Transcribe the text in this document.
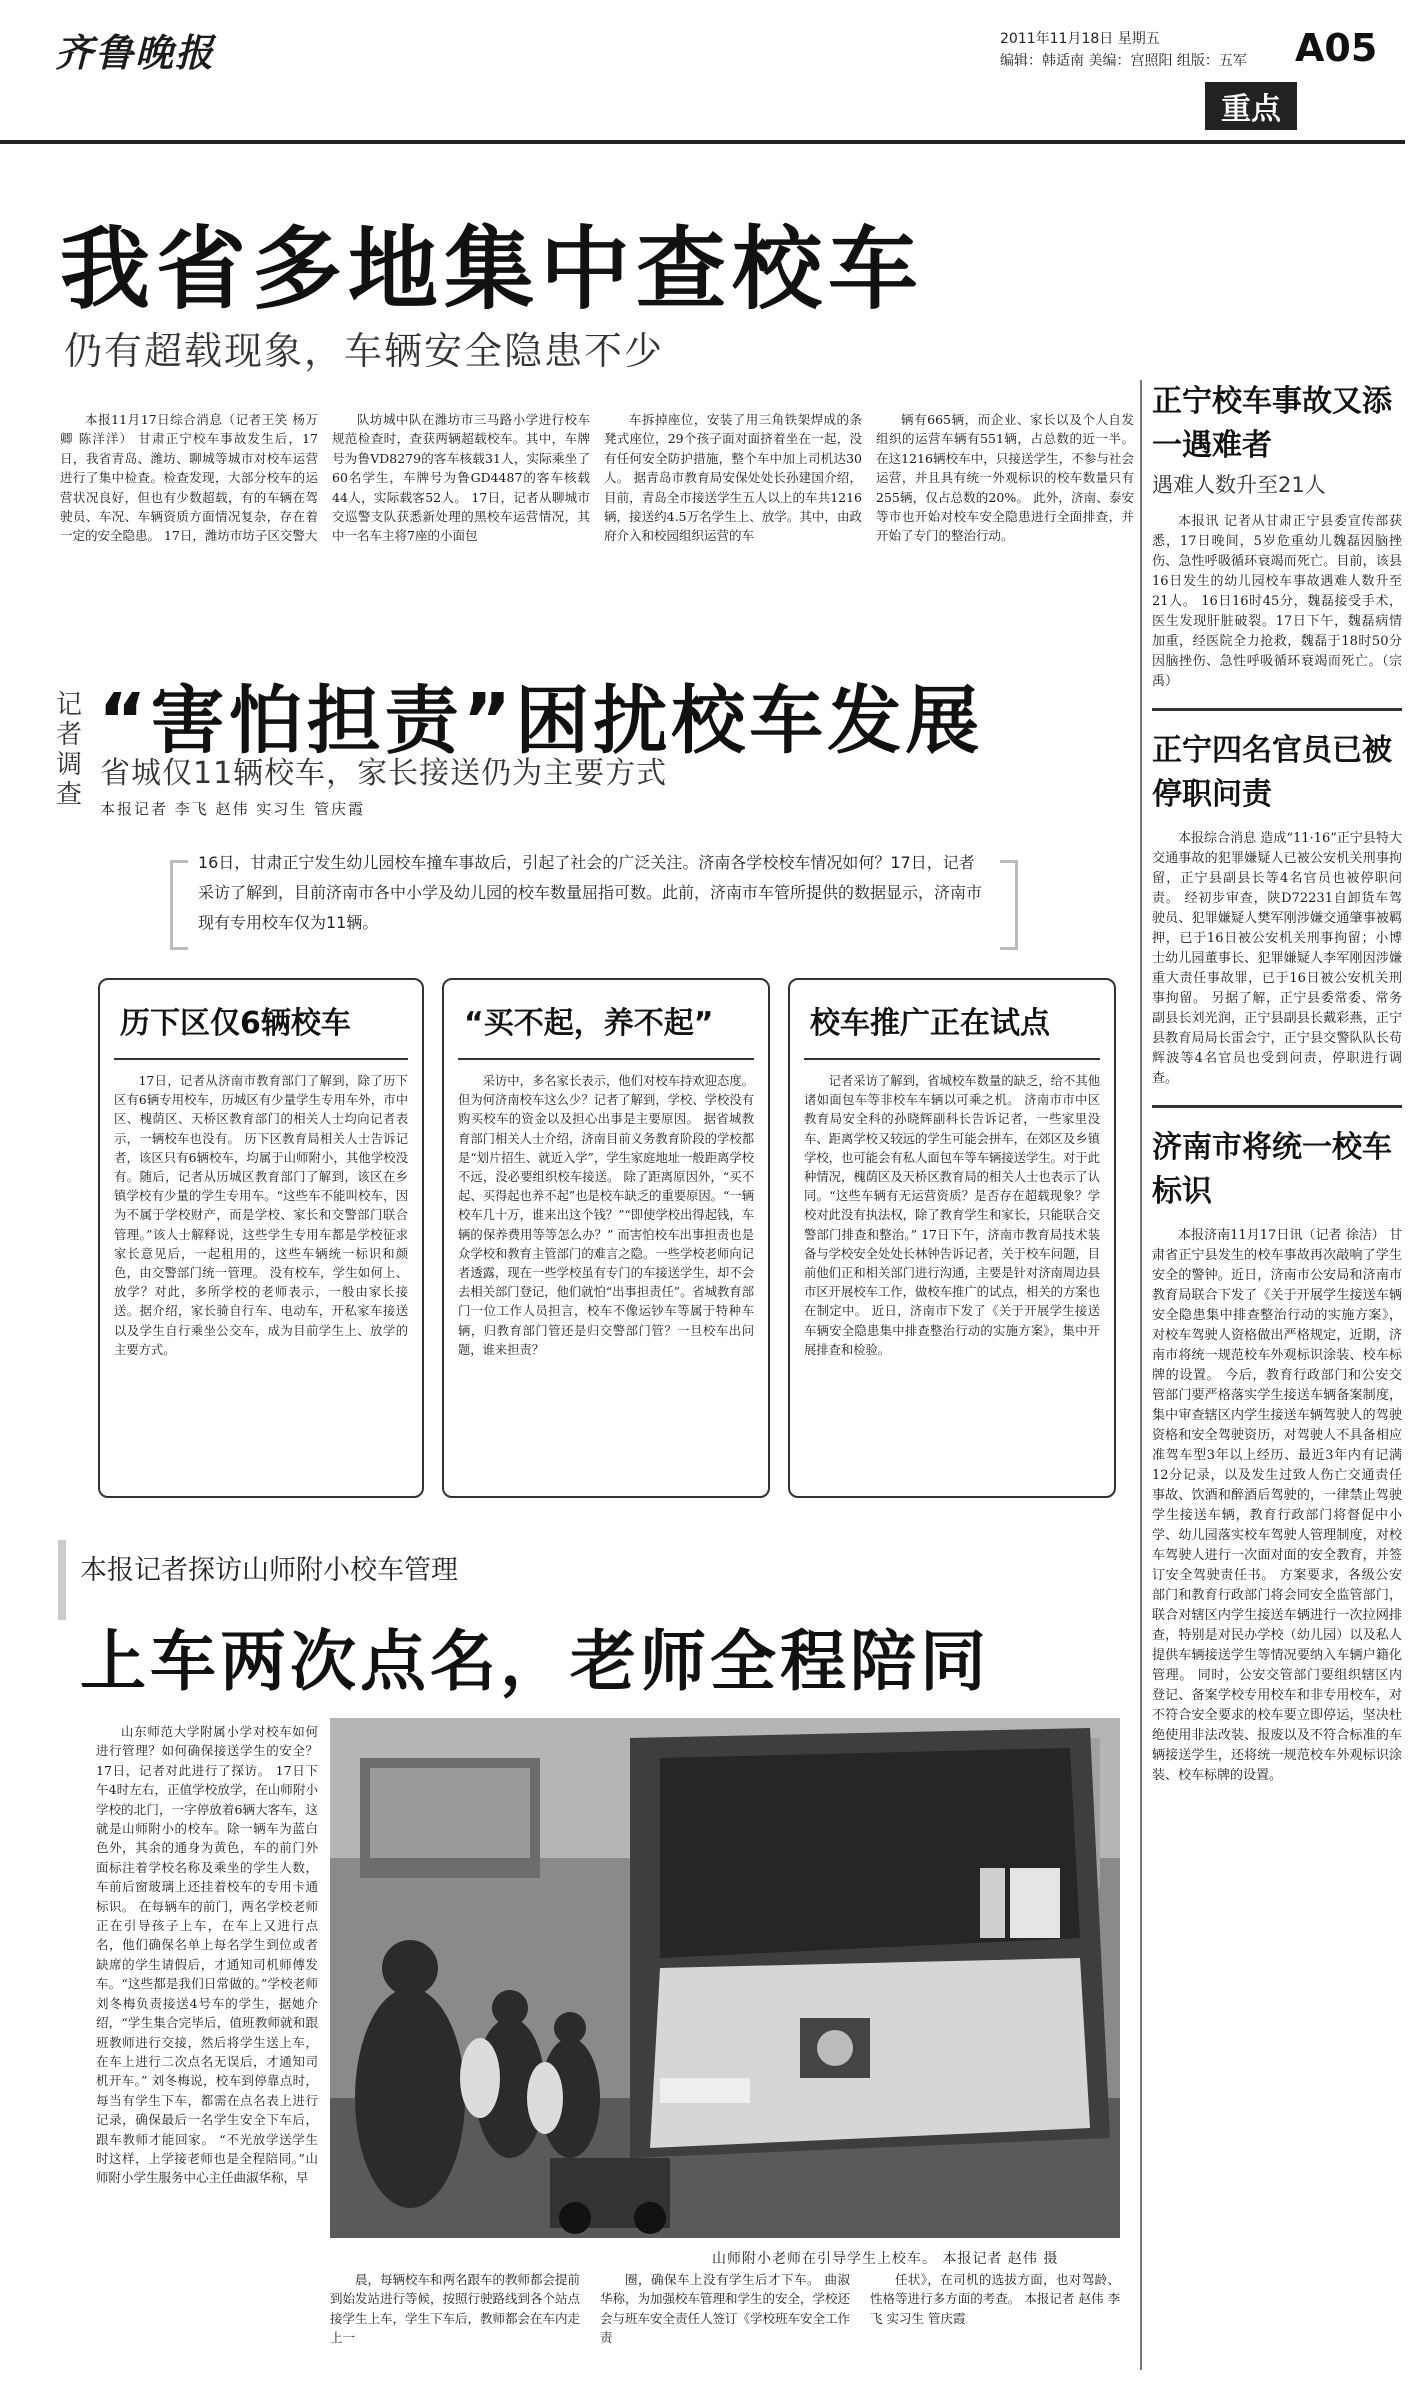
齐鲁晚报	2011年11月18日 星期五
编辑：韩适南 美编：宫照阳 组版：五军 A05
重点
我省多地集中查校车
仍有超载现象，车辆安全隐患不少
本报11月17日综合消息（记者王笑 杨万卿 陈洋洋） 甘肃正宁校车事故发生后，17日，我省青岛、潍坊、聊城等城市对校车运营进行了集中检查。检查发现，大部分校车的运营状况良好，但也有少数超载，有的车辆在驾驶员、车况、车辆资质方面情况复杂，存在着一定的安全隐患。 17日，潍坊市坊子区交警大
队坊城中队在潍坊市三马路小学进行校车规范检查时，查获两辆超载校车。其中，车牌号为鲁VD8279的客车核载31人，实际乘坐了60名学生，车牌号为鲁GD4487的客车核载44人，实际载客52人。 17日，记者从聊城市交巡警支队获悉新处理的黑校车运营情况，其中一名车主将7座的小面包
车拆掉座位，安装了用三角铁架焊成的条凳式座位，29个孩子面对面挤着坐在一起，没有任何安全防护措施，整个车中加上司机达30人。 据青岛市教育局安保处处长孙建国介绍，目前，青岛全市接送学生五人以上的车共1216辆，接送约4.5万名学生上、放学。其中，由政府介入和校园组织运营的车
辆有665辆，而企业、家长以及个人自发组织的运营车辆有551辆，占总数的近一半。在这1216辆校车中，只接送学生，不参与社会运营，并且具有统一外观标识的校车数量只有255辆，仅占总数的20%。 此外，济南、泰安等市也开始对校车安全隐患进行全面排查，并开始了专门的整治行动。
记者调查
“害怕担责”困扰校车发展
省城仅11辆校车，家长接送仍为主要方式
本报记者 李飞 赵伟 实习生 管庆霞
16日，甘肃正宁发生幼儿园校车撞车事故后，引起了社会的广泛关注。济南各学校校车情况如何？17日，记者采访了解到，目前济南市各中小学及幼儿园的校车数量屈指可数。此前，济南市车管所提供的数据显示，济南市现有专用校车仅为11辆。
历下区仅6辆校车
17日，记者从济南市教育部门了解到，除了历下区有6辆专用校车，历城区有少量学生专用车外，市中区、槐荫区、天桥区教育部门的相关人士均向记者表示，一辆校车也没有。 历下区教育局相关人士告诉记者，该区只有6辆校车，均属于山师附小，其他学校没有。随后，记者从历城区教育部门了解到，该区在乡镇学校有少量的学生专用车。“这些车不能叫校车，因为不属于学校财产，而是学校、家长和交警部门联合管理。”该人士解释说，这些学生专用车都是学校征求家长意见后，一起租用的，这些车辆统一标识和颜色，由交警部门统一管理。 没有校车，学生如何上、放学？对此，多所学校的老师表示，一般由家长接送。据介绍，家长骑自行车、电动车，开私家车接送以及学生自行乘坐公交车，成为目前学生上、放学的主要方式。
“买不起，养不起”
采访中，多名家长表示，他们对校车持欢迎态度。但为何济南校车这么少？记者了解到，学校、学校没有购买校车的资金以及担心出事是主要原因。 据省城教育部门相关人士介绍，济南目前义务教育阶段的学校都是“划片招生、就近入学”，学生家庭地址一般距离学校不远，没必要组织校车接送。 除了距离原因外，“买不起、买得起也养不起”也是校车缺乏的重要原因。“一辆校车几十万，谁来出这个钱？”“即使学校出得起钱，车辆的保养费用等等怎么办？” 而害怕校车出事担责也是众学校和教育主管部门的难言之隐。一些学校老师向记者透露，现在一些学校虽有专门的车接送学生，却不会去相关部门登记，他们就怕“出事担责任”。省城教育部门一位工作人员担言，校车不像运钞车等属于特种车辆，归教育部门管还是归交警部门管？一旦校车出问题，谁来担责？
校车推广正在试点
记者采访了解到，省城校车数量的缺乏，给不其他诸如面包车等非校车车辆以可乘之机。 济南市市中区教育局安全科的孙晓辉副科长告诉记者，一些家里没车、距离学校又较远的学生可能会拼车，在郊区及乡镇学校，也可能会有私人面包车等车辆接送学生。对于此种情况，槐荫区及天桥区教育局的相关人士也表示了认同。“这些车辆有无运营资质？是否存在超载现象？学校对此没有执法权，除了教育学生和家长，只能联合交警部门排查和整治。” 17日下午，济南市教育局技术装备与学校安全处处长林钟告诉记者，关于校车问题，目前他们正和相关部门进行沟通，主要是针对济南周边县市区开展校车工作，做校车推广的试点，相关的方案也在制定中。 近日，济南市下发了《关于开展学生接送车辆安全隐患集中排查整治行动的实施方案》，集中开展排查和检验。
本报记者探访山师附小校车管理
上车两次点名，老师全程陪同
山东师范大学附属小学对校车如何进行管理？如何确保接送学生的安全？17日，记者对此进行了探访。 17日下午4时左右，正值学校放学，在山师附小学校的北门，一字停放着6辆大客车，这就是山师附小的校车。除一辆车为蓝白色外，其余的通身为黄色，车的前门外面标注着学校名称及乘坐的学生人数，车前后窗玻璃上还挂着校车的专用卡通标识。 在每辆车的前门，两名学校老师正在引导孩子上车，在车上又进行点名，他们确保名单上每名学生到位或者缺席的学生请假后，才通知司机师傅发车。“这些都是我们日常做的。”学校老师刘冬梅负责接送4号车的学生，据她介绍，“学生集合完毕后，值班教师就和跟班教师进行交接，然后将学生送上车，在车上进行二次点名无误后，才通知司机开车。” 刘冬梅说，校车到停靠点时，每当有学生下车，都需在点名表上进行记录，确保最后一名学生安全下车后，跟车教师才能回家。 “不光放学送学生时这样，上学接老师也是全程陪同。”山师附小学生服务中心主任曲淑华称，早
山师附小老师在引导学生上校车。 本报记者 赵伟 摄
晨，每辆校车和两名跟车的教师都会提前到始发站进行等候，按照行驶路线到各个站点接学生上车，学生下车后，教师都会在车内走上一
圈，确保车上没有学生后才下车。 曲淑华称，为加强校车管理和学生的安全，学校还会与班车安全责任人签订《学校班车安全工作责
任状》，在司机的选拔方面，也对驾龄、性格等进行多方面的考查。 本报记者 赵伟 李飞 实习生 管庆霞
正宁校车事故又添一遇难者
遇难人数升至21人
本报讯 记者从甘肃正宁县委宣传部获悉，17日晚间，5岁危重幼儿魏磊因脑挫伤、急性呼吸循环衰竭而死亡。目前，该县16日发生的幼儿园校车事故遇难人数升至21人。 16日16时45分，魏磊接受手术，医生发现肝脏破裂。17日下午，魏磊病情加重，经医院全力抢救，魏磊于18时50分因脑挫伤、急性呼吸循环衰竭而死亡。（宗禹）
正宁四名官员已被停职问责
本报综合消息 造成“11·16”正宁县特大交通事故的犯罪嫌疑人已被公安机关刑事拘留，正宁县副县长等4名官员也被停职问责。 经初步审查，陕D72231自卸货车驾驶员、犯罪嫌疑人樊军刚涉嫌交通肇事被羁押，已于16日被公安机关刑事拘留；小博士幼儿园董事长、犯罪嫌疑人李军刚因涉嫌重大责任事故罪，已于16日被公安机关刑事拘留。 另据了解，正宁县委常委、常务副县长刘光润，正宁县副县长戴彩燕，正宁县教育局局长雷会宁，正宁县交警队队长苟辉波等4名官员也受到问责，停职进行调查。
济南市将统一校车标识
本报济南11月17日讯（记者 徐洁） 甘肃省正宁县发生的校车事故再次敲响了学生安全的警钟。近日，济南市公安局和济南市教育局联合下发了《关于开展学生接送车辆安全隐患集中排查整治行动的实施方案》，对校车驾驶人资格做出严格规定，近期，济南市将统一规范校车外观标识涂装、校车标牌的设置。 今后，教育行政部门和公安交管部门要严格落实学生接送车辆备案制度，集中审查辖区内学生接送车辆驾驶人的驾驶资格和安全驾驶资历，对驾驶人不具备相应准驾车型3年以上经历、最近3年内有记满12分记录，以及发生过致人伤亡交通责任事故、饮酒和醉酒后驾驶的，一律禁止驾驶学生接送车辆，教育行政部门将督促中小学、幼儿园落实校车驾驶人管理制度，对校车驾驶人进行一次面对面的安全教育，并签订安全驾驶责任书。 方案要求，各级公安部门和教育行政部门将会同安全监管部门，联合对辖区内学生接送车辆进行一次拉网排查，特别是对民办学校（幼儿园）以及私人提供车辆接送学生等情况要纳入车辆户籍化管理。 同时，公安交管部门要组织辖区内登记、备案学校专用校车和非专用校车，对不符合安全要求的校车要立即停运，坚决杜绝使用非法改装、报废以及不符合标准的车辆接送学生，还将统一规范校车外观标识涂装、校车标牌的设置。
